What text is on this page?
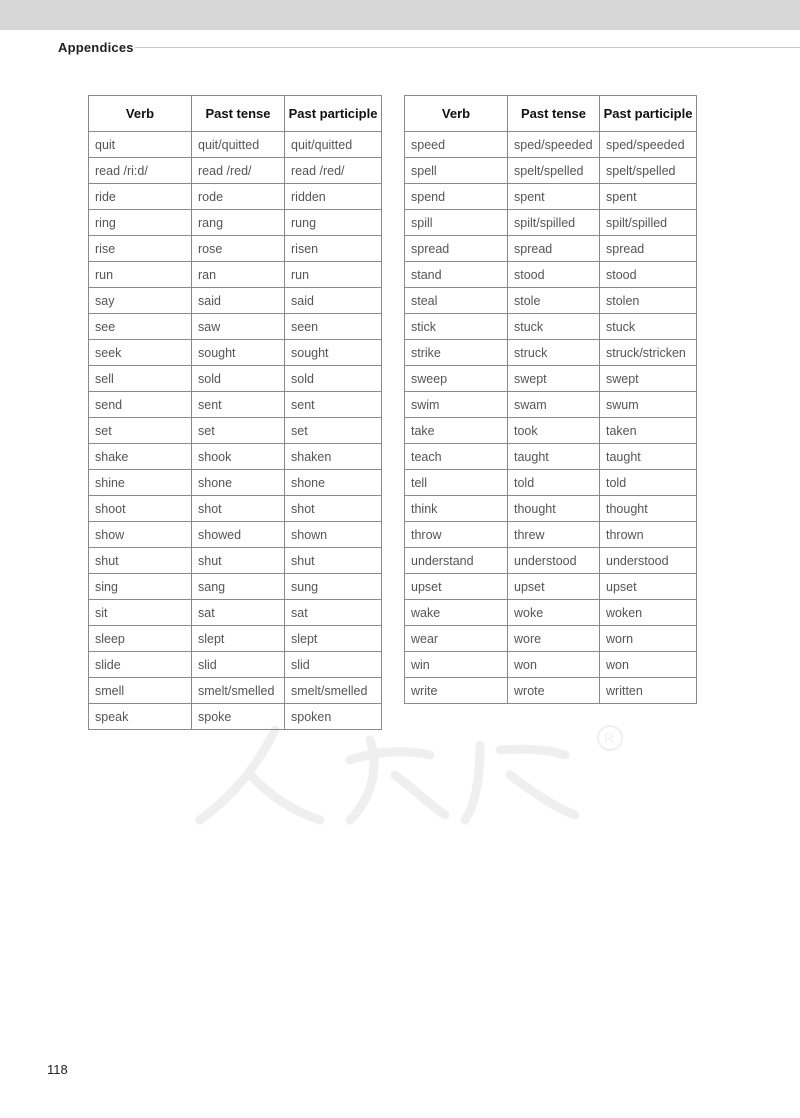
Appendices
Verb	Past tense	Past participle
quit	quit/quitted	quit/quitted
read /ri:d/	read /red/	read /red/
ride	rode	ridden
ring	rang	rung
rise	rose	risen
run	ran	run
say	said	said
see	saw	seen
seek	sought	sought
sell	sold	sold
send	sent	sent
set	set	set
shake	shook	shaken
shine	shone	shone
shoot	shot	shot
show	showed	shown
shut	shut	shut
sing	sang	sung
sit	sat	sat
sleep	slept	slept
slide	slid	slid
smell	smelt/smelled	smelt/smelled
speak	spoke	spoken
Verb	Past tense	Past participle
speed	sped/speeded	sped/speeded
spell	spelt/spelled	spelt/spelled
spend	spent	spent
spill	spilt/spilled	spilt/spilled
spread	spread	spread
stand	stood	stood
steal	stole	stolen
stick	stuck	stuck
strike	struck	struck/stricken
sweep	swept	swept
swim	swam	swum
take	took	taken
teach	taught	taught
tell	told	told
think	thought	thought
throw	threw	thrown
understand	understood	understood
upset	upset	upset
wake	woke	woken
wear	wore	worn
win	won	won
write	wrote	written
R
118
